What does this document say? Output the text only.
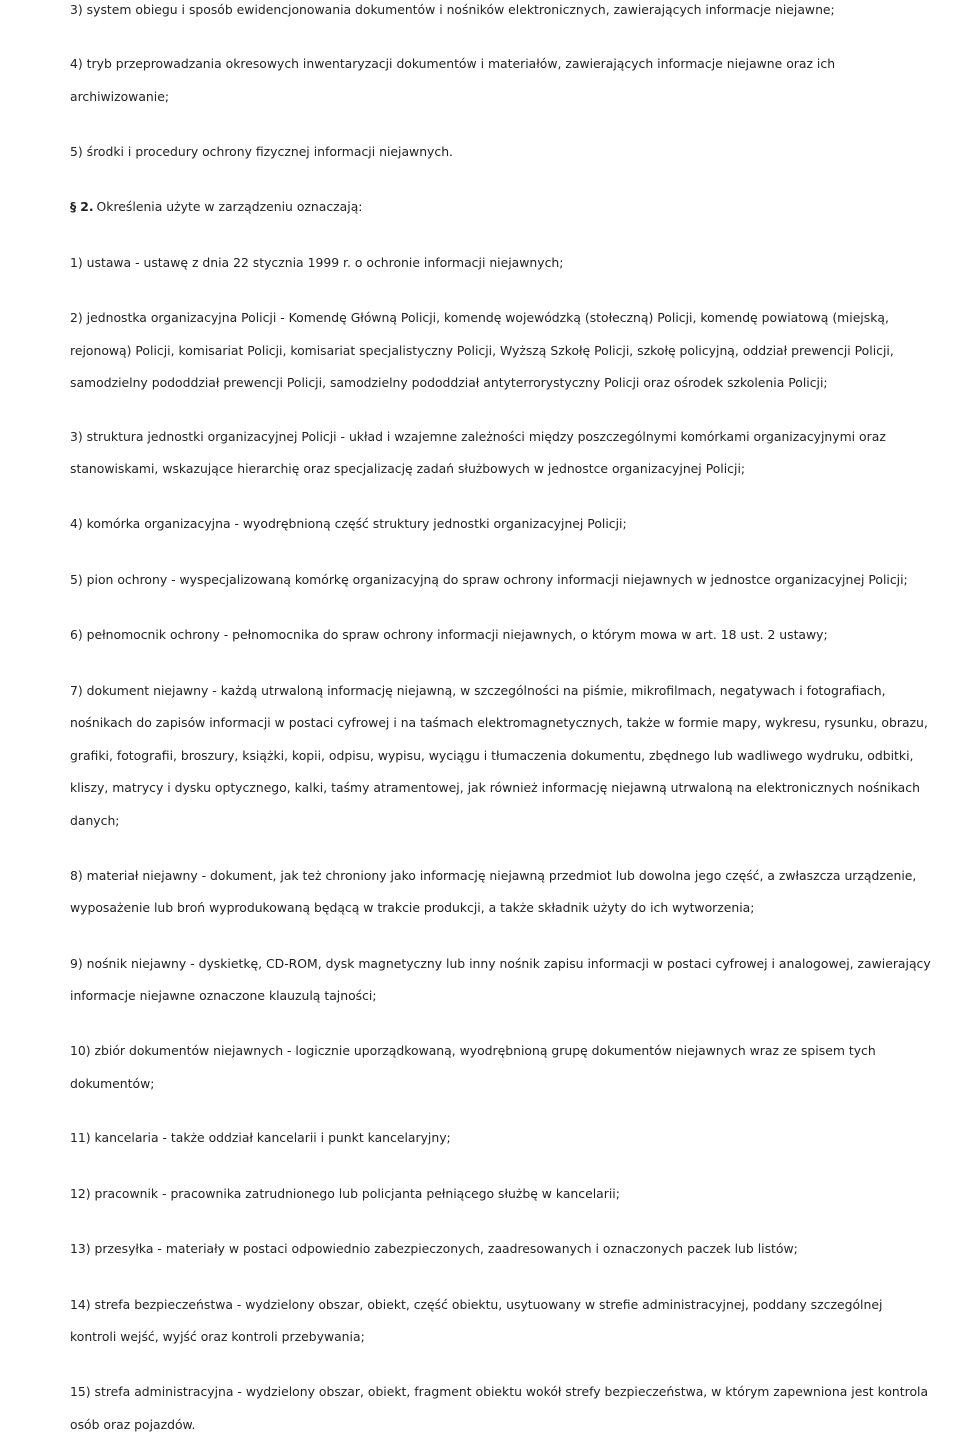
3) system obiegu i sposób ewidencjonowania dokumentów i nośników elektronicznych, zawierających informacje niejawne;
4) tryb przeprowadzania okresowych inwentaryzacji dokumentów i materiałów, zawierających informacje niejawne oraz ich
archiwizowanie;
5) środki i procedury ochrony fizycznej informacji niejawnych.
§ 2. Określenia użyte w zarządzeniu oznaczają:
1) ustawa - ustawę z dnia 22 stycznia 1999 r. o ochronie informacji niejawnych;
2) jednostka organizacyjna Policji - Komendę Główną Policji, komendę wojewódzką (stołeczną) Policji, komendę powiatową (miejską,
rejonową) Policji, komisariat Policji, komisariat specjalistyczny Policji, Wyższą Szkołę Policji, szkołę policyjną, oddział prewencji Policji,
samodzielny pododdział prewencji Policji, samodzielny pododdział antyterrorystyczny Policji oraz ośrodek szkolenia Policji;
3) struktura jednostki organizacyjnej Policji - układ i wzajemne zależności między poszczególnymi komórkami organizacyjnymi oraz
stanowiskami, wskazujące hierarchię oraz specjalizację zadań służbowych w jednostce organizacyjnej Policji;
4) komórka organizacyjna - wyodrębnioną część struktury jednostki organizacyjnej Policji;
5) pion ochrony - wyspecjalizowaną komórkę organizacyjną do spraw ochrony informacji niejawnych w jednostce organizacyjnej Policji;
6) pełnomocnik ochrony - pełnomocnika do spraw ochrony informacji niejawnych, o którym mowa w art. 18 ust. 2 ustawy;
7) dokument niejawny - każdą utrwaloną informację niejawną, w szczególności na piśmie, mikrofilmach, negatywach i fotografiach,
nośnikach do zapisów informacji w postaci cyfrowej i na taśmach elektromagnetycznych, także w formie mapy, wykresu, rysunku, obrazu,
grafiki, fotografii, broszury, książki, kopii, odpisu, wypisu, wyciągu i tłumaczenia dokumentu, zbędnego lub wadliwego wydruku, odbitki,
kliszy, matrycy i dysku optycznego, kalki, taśmy atramentowej, jak również informację niejawną utrwaloną na elektronicznych nośnikach
danych;
8) materiał niejawny - dokument, jak też chroniony jako informację niejawną przedmiot lub dowolna jego część, a zwłaszcza urządzenie,
wyposażenie lub broń wyprodukowaną będącą w trakcie produkcji, a także składnik użyty do ich wytworzenia;
9) nośnik niejawny - dyskietkę, CD-ROM, dysk magnetyczny lub inny nośnik zapisu informacji w postaci cyfrowej i analogowej, zawierający
informacje niejawne oznaczone klauzulą tajności;
10) zbiór dokumentów niejawnych - logicznie uporządkowaną, wyodrębnioną grupę dokumentów niejawnych wraz ze spisem tych
dokumentów;
11) kancelaria - także oddział kancelarii i punkt kancelaryjny;
12) pracownik - pracownika zatrudnionego lub policjanta pełniącego służbę w kancelarii;
13) przesyłka - materiały w postaci odpowiednio zabezpieczonych, zaadresowanych i oznaczonych paczek lub listów;
14) strefa bezpieczeństwa - wydzielony obszar, obiekt, część obiektu, usytuowany w strefie administracyjnej, poddany szczególnej
kontroli wejść, wyjść oraz kontroli przebywania;
15) strefa administracyjna - wydzielony obszar, obiekt, fragment obiektu wokół strefy bezpieczeństwa, w którym zapewniona jest kontrola
osób oraz pojazdów.
